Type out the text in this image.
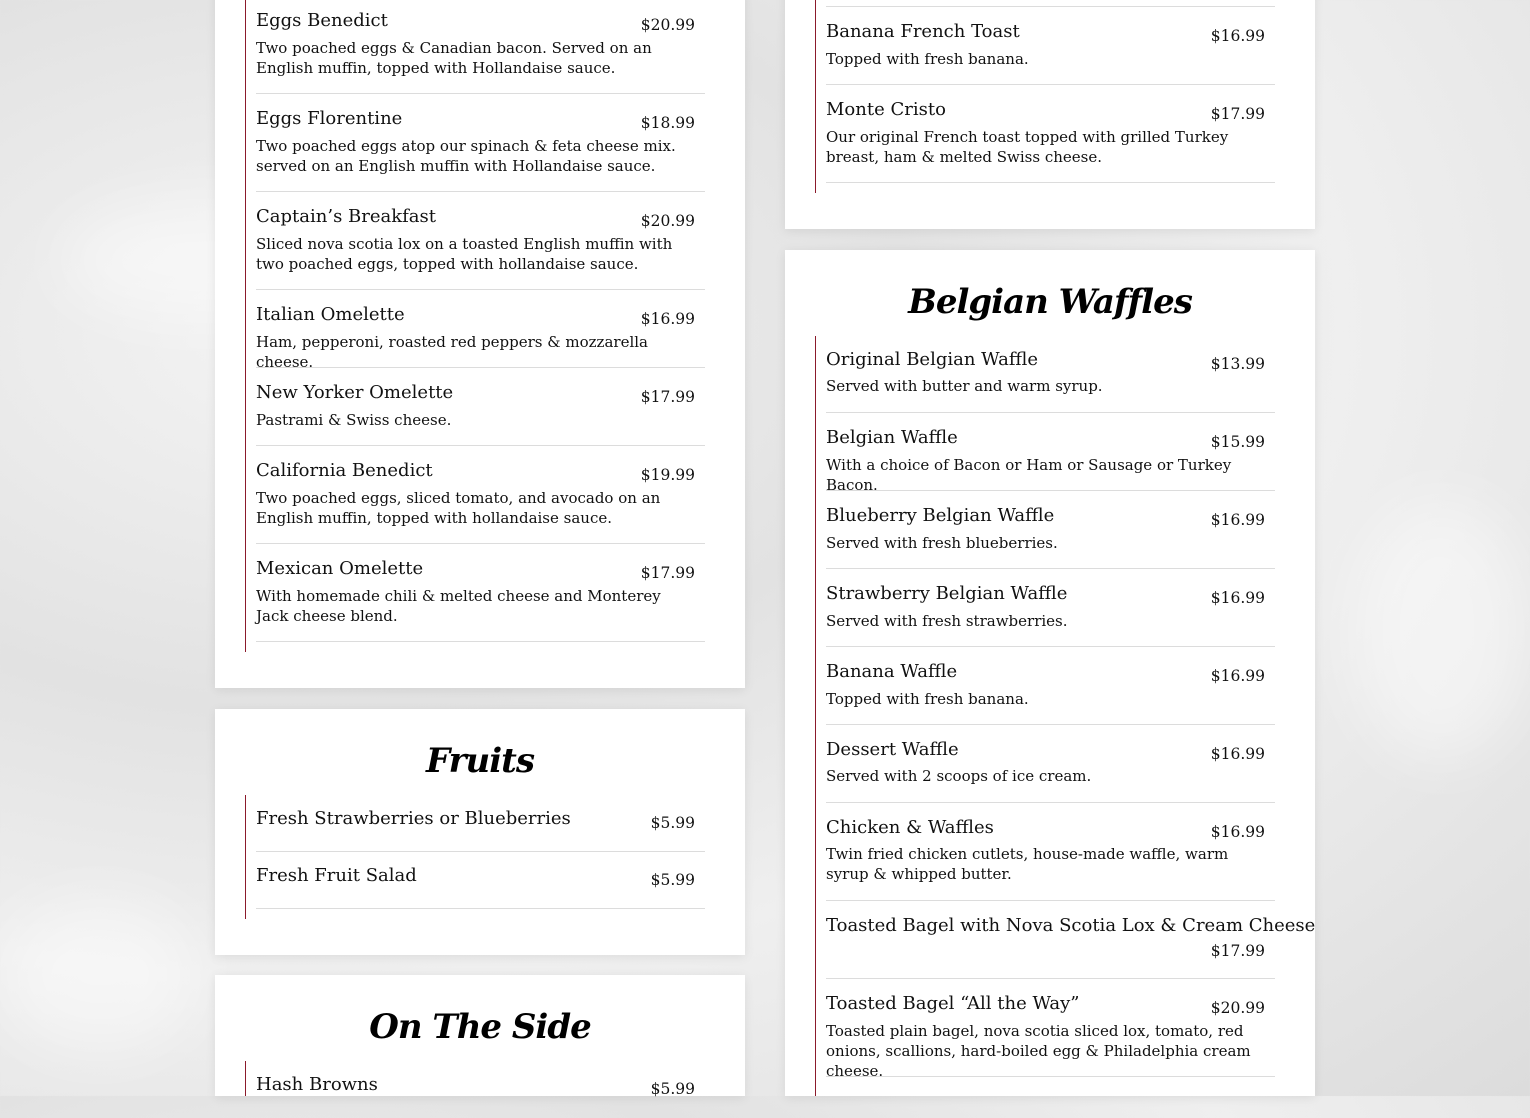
Eggs Benedict	$20.99
Two poached eggs & Canadian bacon. Served on an English muffin, topped with Hollandaise sauce.
Eggs Florentine	$18.99
Two poached eggs atop our spinach & feta cheese mix. served on an English muffin with Hollandaise sauce.
Captain’s Breakfast	$20.99
Sliced nova scotia lox on a toasted English muffin with two poached eggs, topped with hollandaise sauce.
Italian Omelette	$16.99
Ham, pepperoni, roasted red peppers & mozzarella cheese.
New Yorker Omelette	$17.99
Pastrami & Swiss cheese.
California Benedict	$19.99
Two poached eggs, sliced tomato, and avocado on an English muffin, topped with hollandaise sauce.
Mexican Omelette	$17.99
With homemade chili & melted cheese and Monterey Jack cheese blend.
Fruits
Fresh Strawberries or Blueberries	$5.99
Fresh Fruit Salad	$5.99
On The Side
Hash Browns	$5.99
Banana French Toast	$16.99
Topped with fresh banana.
Monte Cristo	$17.99
Our original French toast topped with grilled Turkey breast, ham & melted Swiss cheese.
Belgian Waffles
Original Belgian Waffle	$13.99
Served with butter and warm syrup.
Belgian Waffle	$15.99
With a choice of Bacon or Ham or Sausage or Turkey Bacon.
Blueberry Belgian Waffle	$16.99
Served with fresh blueberries.
Strawberry Belgian Waffle	$16.99
Served with fresh strawberries.
Banana Waffle	$16.99
Topped with fresh banana.
Dessert Waffle	$16.99
Served with 2 scoops of ice cream.
Chicken & Waffles	$16.99
Twin fried chicken cutlets, house-made waffle, warm syrup & whipped butter.
Toasted Bagel with Nova Scotia Lox & Cream Cheese
$17.99
Toasted Bagel “All the Way”	$20.99
Toasted plain bagel, nova scotia sliced lox, tomato, red onions, scallions, hard-boiled egg & Philadelphia cream cheese.
